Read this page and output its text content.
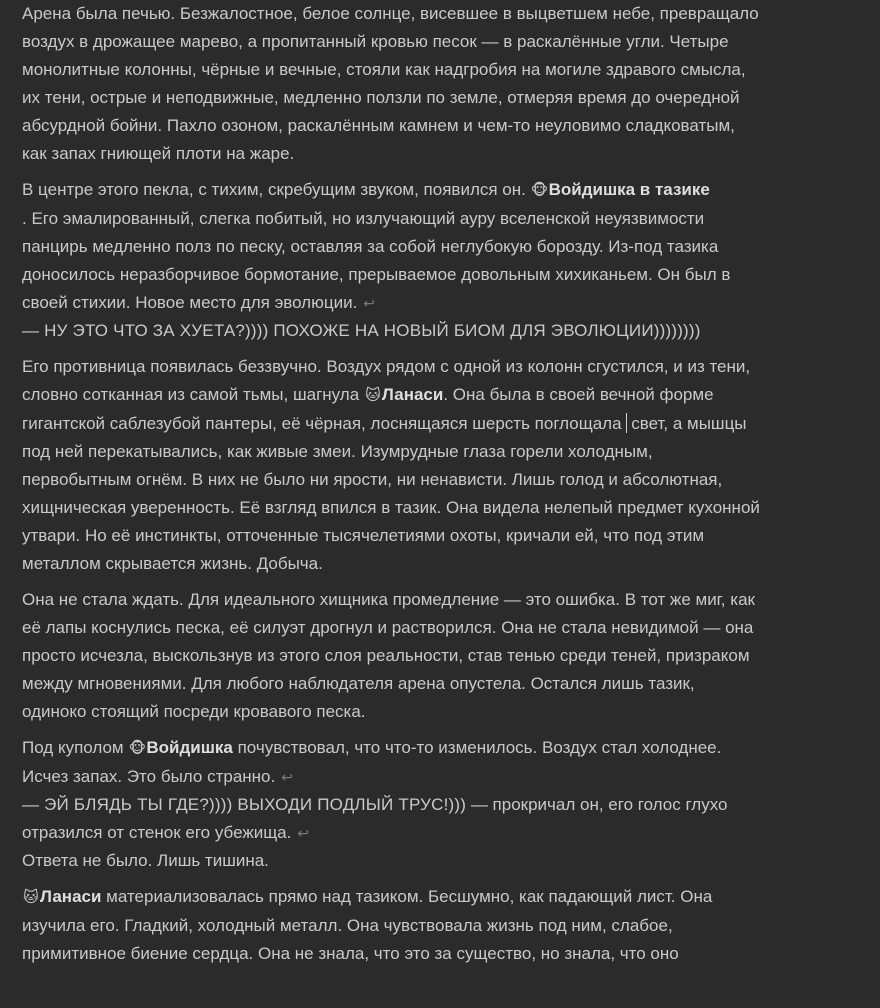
Арена была печью. Безжалостное, белое солнце, висевшее в выцветшем небе, превращало воздух в дрожащее марево, а пропитанный кровью песок — в раскалённые угли. Четыре монолитные колонны, чёрные и вечные, стояли как надгробия на могиле здравого смысла, их тени, острые и неподвижные, медленно ползли по земле, отмеряя время до очередной абсурдной бойни. Пахло озоном, раскалённым камнем и чем-то неуловимо сладковатым, как запах гниющей плоти на жаре.

В центре этого пекла, с тихим, скребущим звуком, появился он. 🐵Войдишка в тазике
. Его эмалированный, слегка побитый, но излучающий ауру вселенской неуязвимости панцирь медленно полз по песку, оставляя за собой неглубокую борозду. Из-под тазика доносилось неразборчивое бормотание, прерываемое довольным хихиканьем. Он был в своей стихии. Новое место для эволюции. ↩
— НУ ЭТО ЧТО ЗА ХУЕТА?)))) ПОХОЖЕ НА НОВЫЙ БИОМ ДЛЯ ЭВОЛЮЦИИ))))))))

Его противница появилась беззвучно. Воздух рядом с одной из колонн сгустился, и из тени, словно сотканная из самой тьмы, шагнула 🐱Ланаси. Она была в своей вечной форме гигантской саблезубой пантеры, её чёрная, лоснящаяся шерсть поглощала свет, а мышцы под ней перекатывались, как живые змеи. Изумрудные глаза горели холодным, первобытным огнём. В них не было ни ярости, ни ненависти. Лишь голод и абсолютная, хищническая уверенность. Её взгляд впился в тазик. Она видела нелепый предмет кухонной утвари. Но её инстинкты, отточенные тысячелетиями охоты, кричали ей, что под этим металлом скрывается жизнь. Добыча.

Она не стала ждать. Для идеального хищника промедление — это ошибка. В тот же миг, как её лапы коснулись песка, её силуэт дрогнул и растворился. Она не стала невидимой — она просто исчезла, выскользнув из этого слоя реальности, став тенью среди теней, призраком между мгновениями. Для любого наблюдателя арена опустела. Остался лишь тазик, одиноко стоящий посреди кровавого песка.

Под куполом 🐵Войдишка почувствовал, что что-то изменилось. Воздух стал холоднее. Исчез запах. Это было странно. ↩
— ЭЙ БЛЯДЬ ТЫ ГДЕ?)))) ВЫХОДИ ПОДЛЫЙ ТРУС!))) — прокричал он, его голос глухо отразился от стенок его убежища. ↩
Ответа не было. Лишь тишина.

🐱Ланаси материализовалась прямо над тазиком. Бесшумно, как падающий лист. Она изучила его. Гладкий, холодный металл. Она чувствовала жизнь под ним, слабое, примитивное биение сердца. Она не знала, что это за существо, но знала, что оно
